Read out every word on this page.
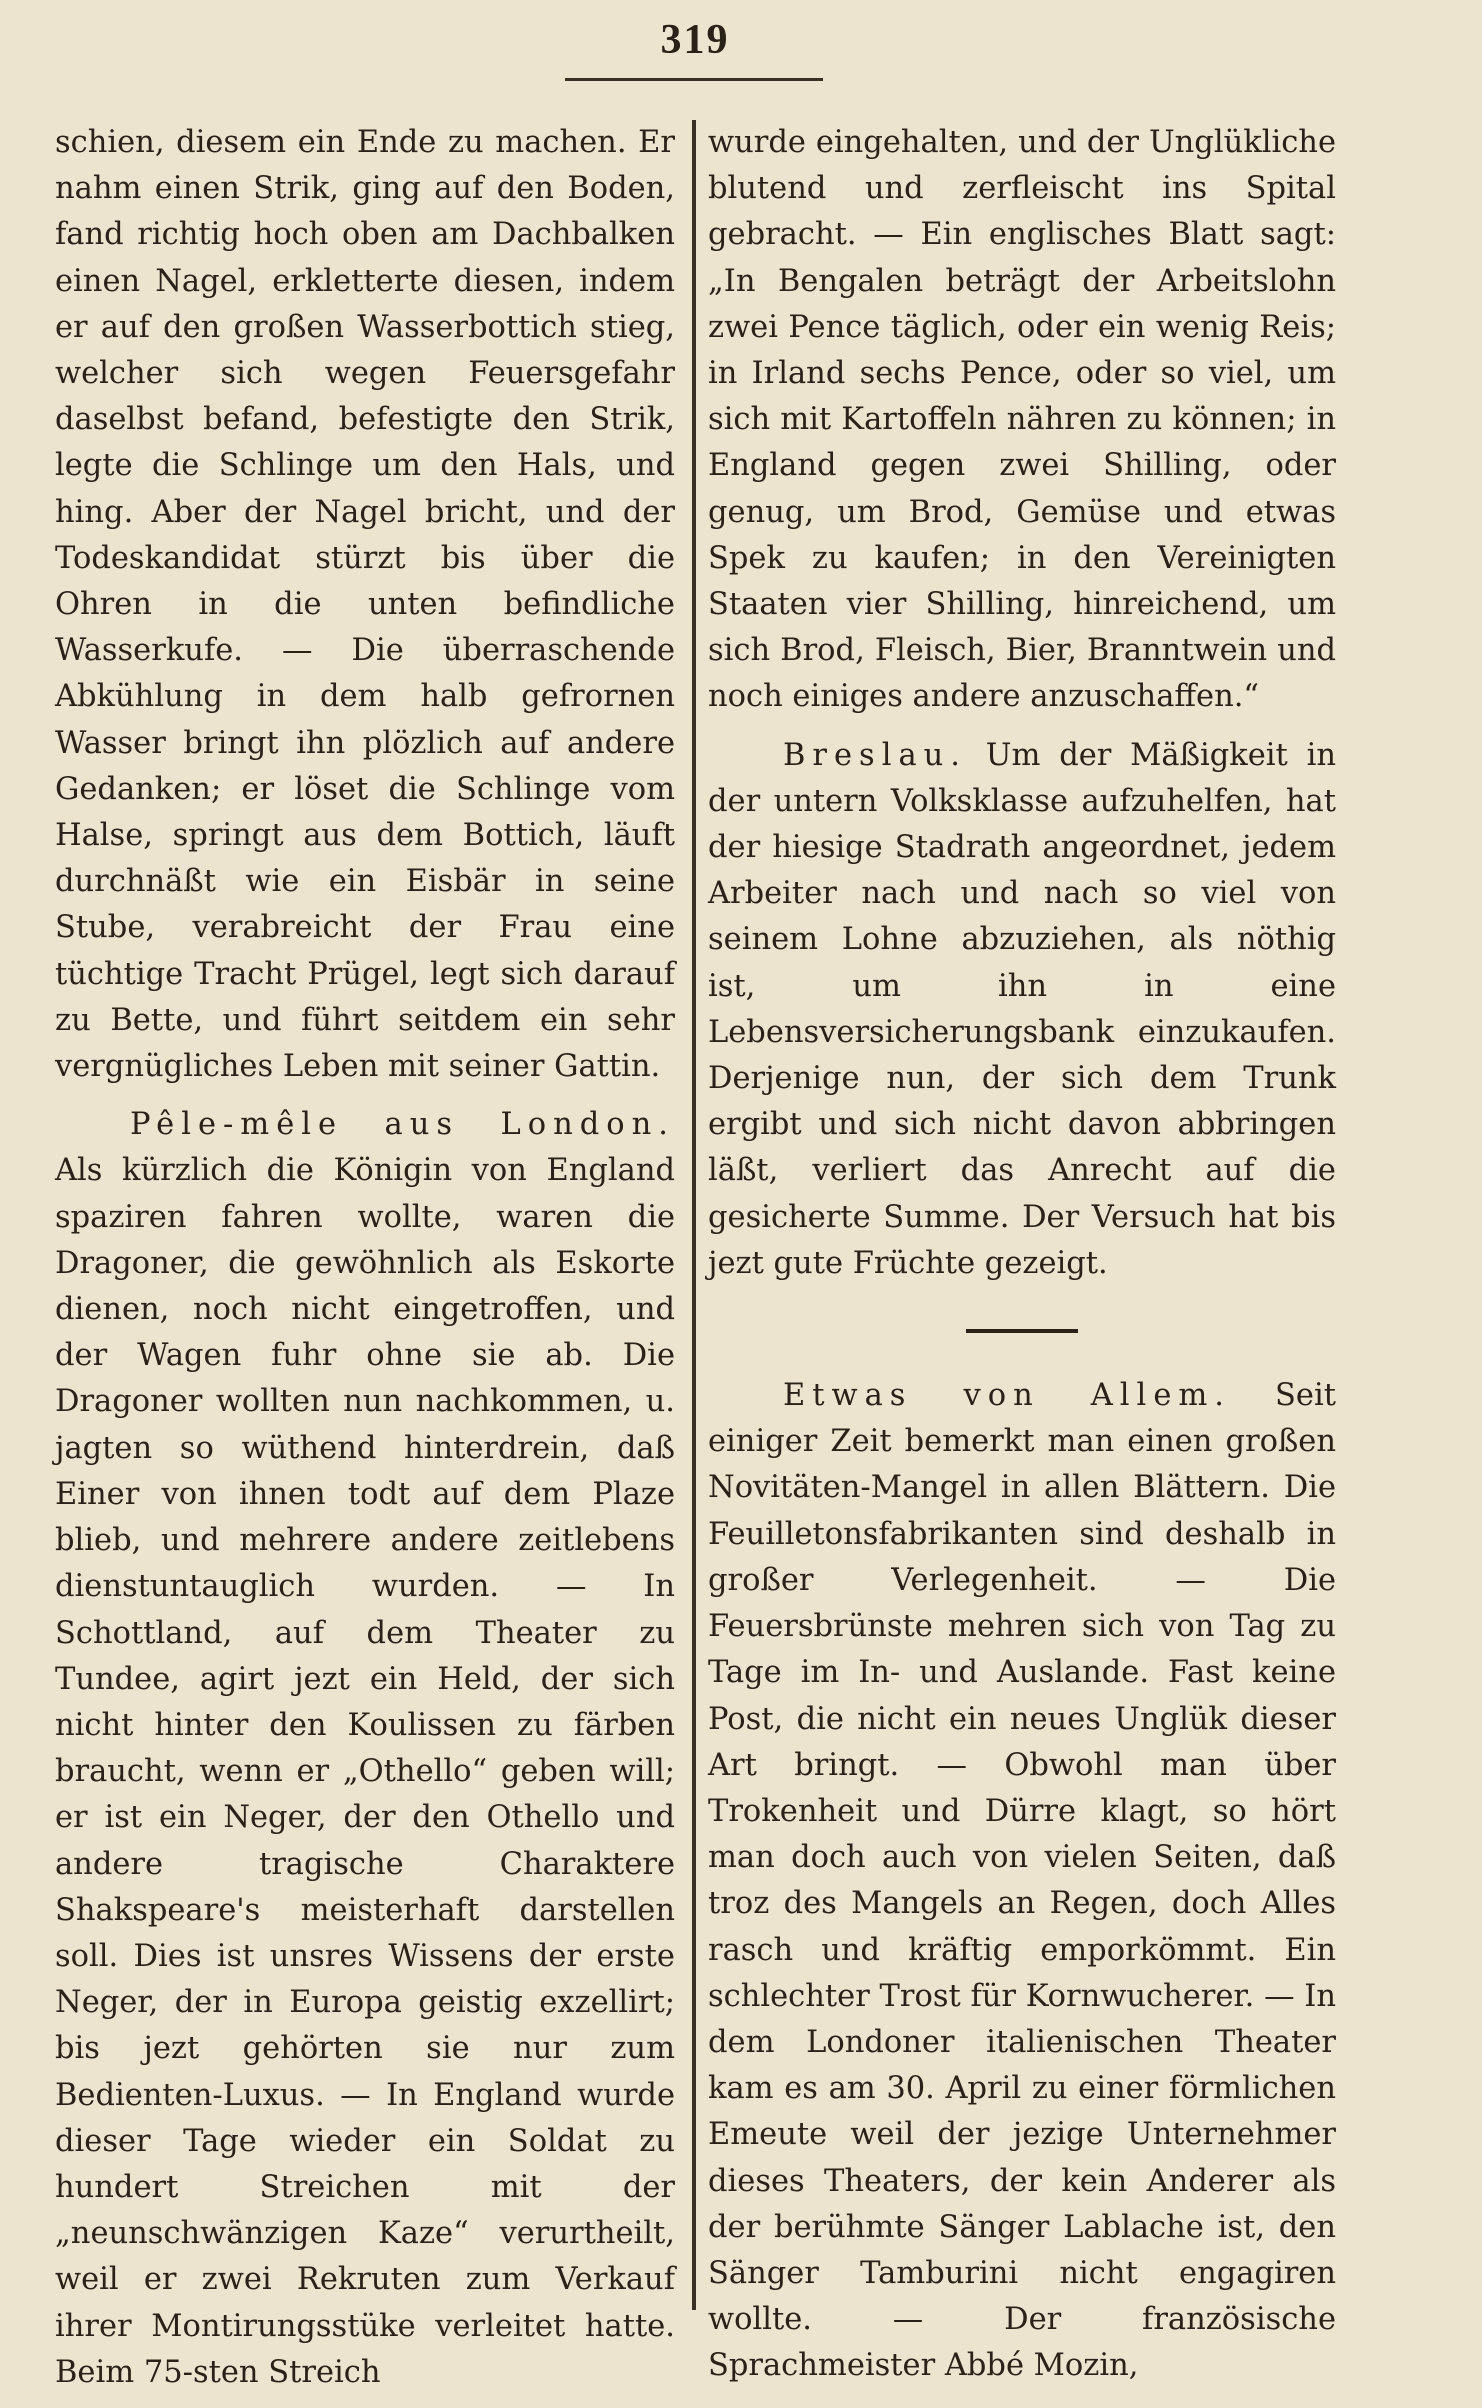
319

schien, diesem ein Ende zu machen. Er nahm einen Strik, ging auf den Boden, fand richtig hoch oben am Dachbalken einen Nagel, erkletterte diesen, indem er auf den großen Wasserbottich stieg, welcher sich wegen Feuersgefahr daselbst befand, befestigte den Strik, legte die Schlinge um den Hals, und hing. Aber der Nagel bricht, und der Todeskandidat stürzt bis über die Ohren in die unten befindliche Wasserkufe. — Die überraschende Abkühlung in dem halb gefrornen Wasser bringt ihn plözlich auf andere Gedanken; er löset die Schlinge vom Halse, springt aus dem Bottich, läuft durchnäßt wie ein Eisbär in seine Stube, verabreicht der Frau eine tüchtige Tracht Prügel, legt sich darauf zu Bette, und führt seitdem ein sehr vergnügliches Leben mit seiner Gattin.

Pêle-mêle aus London. Als kürzlich die Königin von England spaziren fahren wollte, waren die Dragoner, die gewöhnlich als Eskorte dienen, noch nicht eingetroffen, und der Wagen fuhr ohne sie ab. Die Dragoner wollten nun nachkommen, u. jagten so wüthend hinterdrein, daß Einer von ihnen todt auf dem Plaze blieb, und mehrere andere zeitlebens dienstuntauglich wurden. — In Schottland, auf dem Theater zu Tundee, agirt jezt ein Held, der sich nicht hinter den Koulissen zu färben braucht, wenn er „Othello“ geben will; er ist ein Neger, der den Othello und andere tragische Charaktere Shakspeare's meisterhaft darstellen soll. Dies ist unsres Wissens der erste Neger, der in Europa geistig exzellirt; bis jezt gehörten sie nur zum Bedienten-Luxus. — In England wurde dieser Tage wieder ein Soldat zu hundert Streichen mit der „neunschwänzigen Kaze“ verurtheilt, weil er zwei Rekruten zum Verkauf ihrer Montirungsstüke verleitet hatte. Beim 75-sten Streich

wurde eingehalten, und der Unglükliche blutend und zerfleischt ins Spital gebracht. — Ein englisches Blatt sagt: „In Bengalen beträgt der Arbeitslohn zwei Pence täglich, oder ein wenig Reis; in Irland sechs Pence, oder so viel, um sich mit Kartoffeln nähren zu können; in England gegen zwei Shilling, oder genug, um Brod, Gemüse und etwas Spek zu kaufen; in den Vereinigten Staaten vier Shilling, hinreichend, um sich Brod, Fleisch, Bier, Branntwein und noch einiges andere anzuschaffen.“

Breslau. Um der Mäßigkeit in der untern Volksklasse aufzuhelfen, hat der hiesige Stadrath angeordnet, jedem Arbeiter nach und nach so viel von seinem Lohne abzuziehen, als nöthig ist, um ihn in eine Lebensversicherungsbank einzukaufen. Derjenige nun, der sich dem Trunk ergibt und sich nicht davon abbringen läßt, verliert das Anrecht auf die gesicherte Summe. Der Versuch hat bis jezt gute Früchte gezeigt.

Etwas von Allem. Seit einiger Zeit bemerkt man einen großen Novitäten-Mangel in allen Blättern. Die Feuilletonsfabrikanten sind deshalb in großer Verlegenheit. — Die Feuersbrünste mehren sich von Tag zu Tage im In- und Auslande. Fast keine Post, die nicht ein neues Unglük dieser Art bringt. — Obwohl man über Trokenheit und Dürre klagt, so hört man doch auch von vielen Seiten, daß troz des Mangels an Regen, doch Alles rasch und kräftig emporkömmt. Ein schlechter Trost für Kornwucherer. — In dem Londoner italienischen Theater kam es am 30. April zu einer förmlichen Emeute weil der jezige Unternehmer dieses Theaters, der kein Anderer als der berühmte Sänger Lablache ist, den Sänger Tamburini nicht engagiren wollte. — Der französische Sprachmeister Abbé Mozin,
